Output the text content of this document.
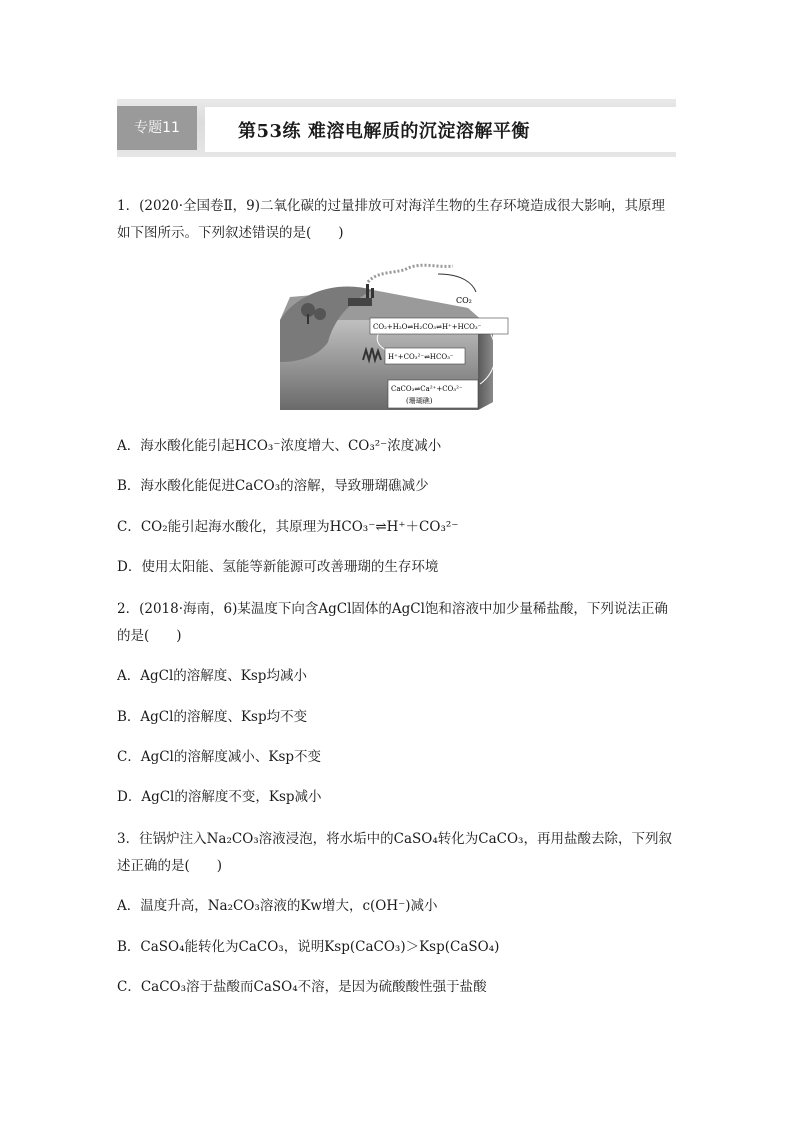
专题11	第53练 难溶电解质的沉淀溶解平衡
1．(2020·全国卷Ⅱ，9)二氧化碳的过量排放可对海洋生物的生存环境造成很大影响，其原理
如下图所示。下列叙述错误的是(　　)
CO₂
CO₂+H₂O⇌H₂CO₃⇌H⁺+HCO₃⁻
H⁺+CO₃²⁻⇌HCO₃⁻
CaCO₃⇌Ca²⁺+CO₃²⁻
(珊瑚礁)
A．海水酸化能引起HCO₃⁻浓度增大、CO₃²⁻浓度减小
B．海水酸化能促进CaCO₃的溶解，导致珊瑚礁减少
C．CO₂能引起海水酸化，其原理为HCO₃⁻⇌H⁺＋CO₃²⁻
D．使用太阳能、氢能等新能源可改善珊瑚的生存环境
2．(2018·海南，6)某温度下向含AgCl固体的AgCl饱和溶液中加少量稀盐酸，下列说法正确
的是(　　)
A．AgCl的溶解度、Ksp均减小
B．AgCl的溶解度、Ksp均不变
C．AgCl的溶解度减小、Ksp不变
D．AgCl的溶解度不变，Ksp减小
3．往锅炉注入Na₂CO₃溶液浸泡，将水垢中的CaSO₄转化为CaCO₃，再用盐酸去除，下列叙
述正确的是(　　)
A．温度升高，Na₂CO₃溶液的Kw增大，c(OH⁻)减小
B．CaSO₄能转化为CaCO₃，说明Ksp(CaCO₃)＞Ksp(CaSO₄)
C．CaCO₃溶于盐酸而CaSO₄不溶，是因为硫酸酸性强于盐酸
